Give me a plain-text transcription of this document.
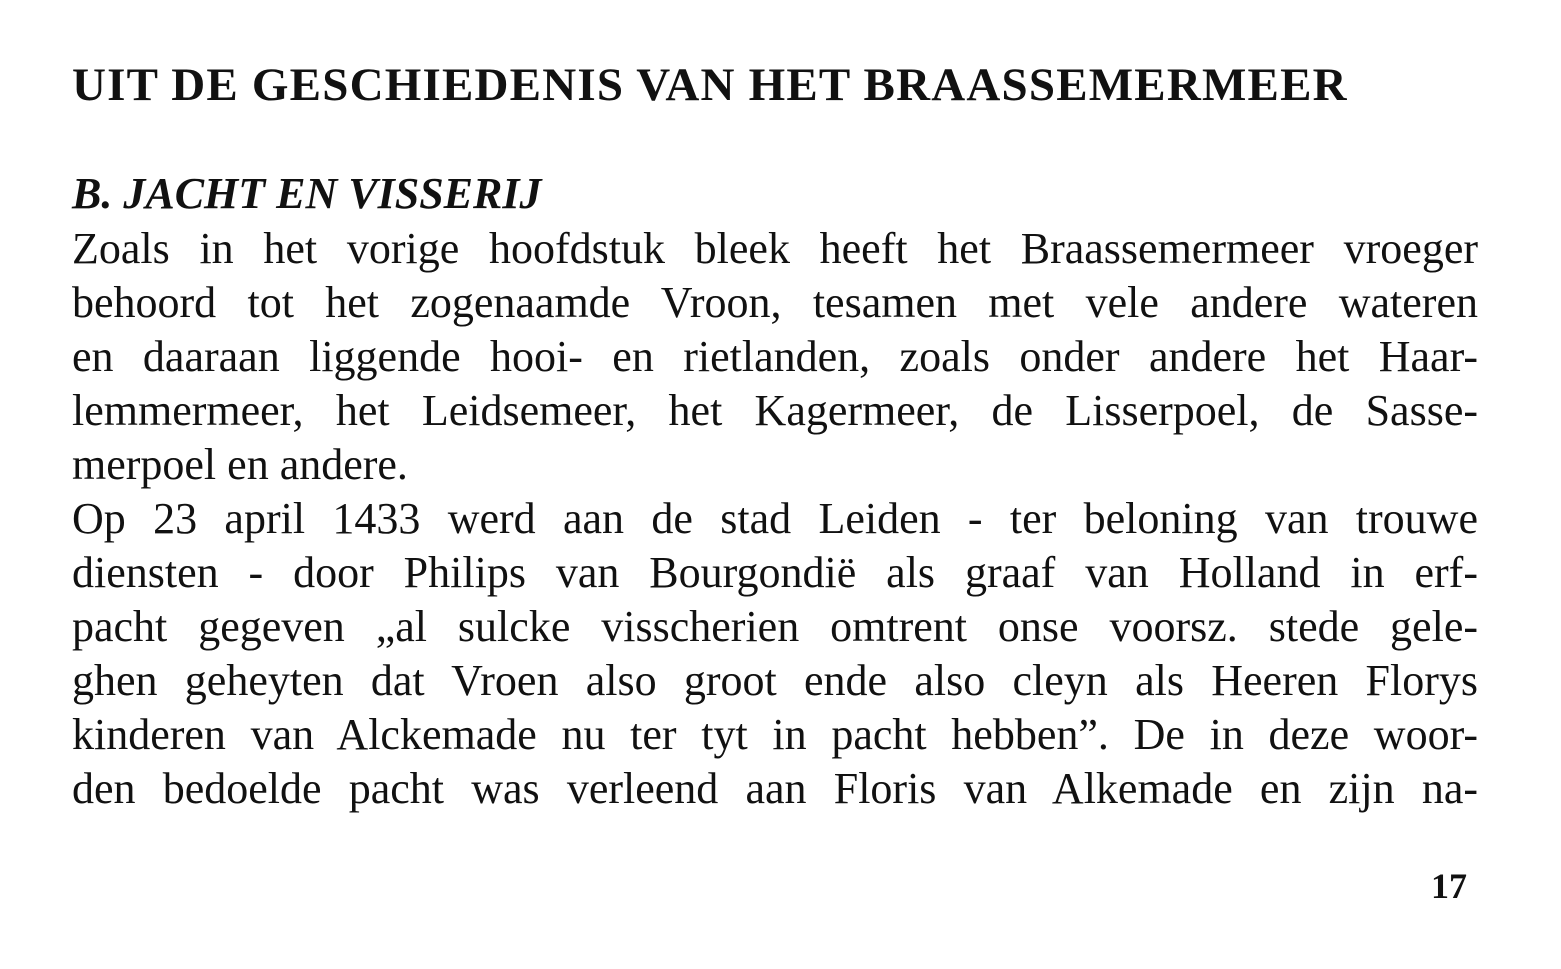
UIT DE GESCHIEDENIS VAN HET BRAASSEMERMEER
B. JACHT EN VISSERIJ
Zoals in het vorige hoofdstuk bleek heeft het Braassemermeer vroeger
behoord tot het zogenaamde Vroon, tesamen met vele andere wateren
en daaraan liggende hooi- en rietlanden, zoals onder andere het Haar-
lemmermeer, het Leidsemeer, het Kagermeer, de Lisserpoel, de Sasse-
merpoel en andere.
Op 23 april 1433 werd aan de stad Leiden - ter beloning van trouwe
diensten - door Philips van Bourgondië als graaf van Holland in erf-
pacht gegeven „al sulcke visscherien omtrent onse voorsz. stede gele-
ghen geheyten dat Vroen also groot ende also cleyn als Heeren Florys
kinderen van Alckemade nu ter tyt in pacht hebben”. De in deze woor-
den bedoelde pacht was verleend aan Floris van Alkemade en zijn na-
17
